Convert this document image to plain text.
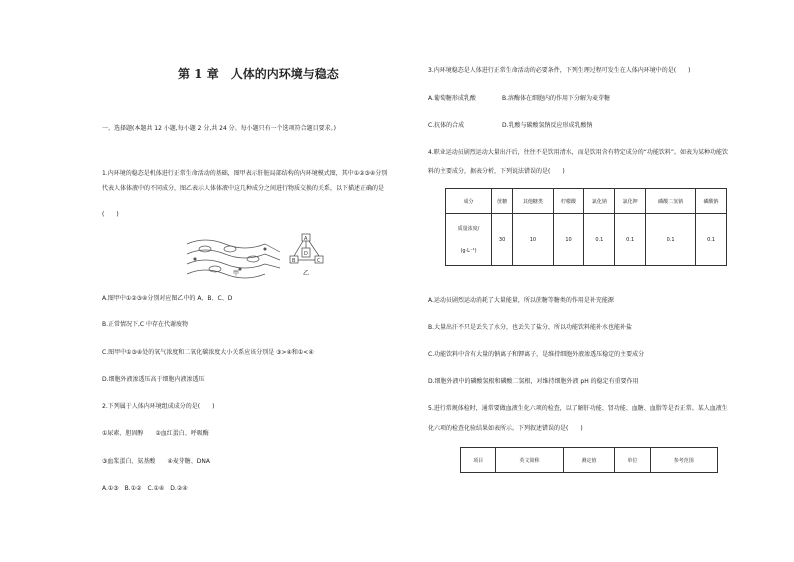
第 1 章　人体的内环境与稳态
一、选择题(本题共 12 小题,每小题 2 分,共 24 分。每小题只有一个选项符合题目要求。)
1.内环境的稳态是机体进行正常生命活动的基础，图甲表示肝脏局部结构的内环境模式图，其中①②③④分别
代表人体体液中的不同成分，图乙表示人体体液中这几种成分之间进行物质交换的关系，以下描述正确的是
(　　)
A
B	C
D
甲	乙
A.图甲中①②③④分别对应图乙中的 A、B、C、D
B.正常情况下,C 中存在代谢废物
C.图甲中①③④处的氧气浓度和二氧化碳浓度大小关系应该分别是 ③>④和①<④
D.细胞外液渗透压高于细胞内液渗透压
2.下列属于人体内环境组成成分的是(　　)
①尿素、胆固醇　　②血红蛋白、呼吸酶
③血浆蛋白、氨基酸　　④麦芽糖、DNA
A.①③　B.①②　C.①④　D.②④
3.内环境稳态是人体进行正常生命活动的必要条件，下列生理过程可发生在人体内环境中的是(　　)
A.葡萄糖形成乳酸	B.溶酶体在细胞内的作用下分解为麦芽糖
C.抗体的合成	D.乳酸与碳酸氢钠反应形成乳酸钠
4.职业运动员剧烈运动大量出汗后，往往不是饮用清水，而是饮用含有特定成分的“功能饮料”。如表为某种功能饮
料的主要成分，据表分析，下列说法错误的是(　　)
成分	蔗糖	其他糖类	柠檬酸	氯化钠	氯化钾	磷酸二氢钠	磷酸钠

质量浓度/
(g·L⁻¹)	30	10	10	0.1	0.1	0.1	0.1
A.运动员剧烈运动消耗了大量能量，所以蔗糖等糖类的作用是补充能源
B.大量出汗不只是丢失了水分，也丢失了盐分，所以功能饮料能补水也能补盐
C.功能饮料中含有大量的钠离子和钾离子，是维持细胞外液渗透压稳定的主要成分
D.细胞外液中的磷酸氢根和磷酸二氢根，对维持细胞外液 pH 的稳定有重要作用
5.进行常规体检时，通常要做血液生化六项的检查，以了解肝功能、肾功能、血糖、血脂等是否正常。某人血液生
化六项的检查化验结果如表所示。下列叙述错误的是(　　)
项目	英文简称	测定值	单位	参考范围
